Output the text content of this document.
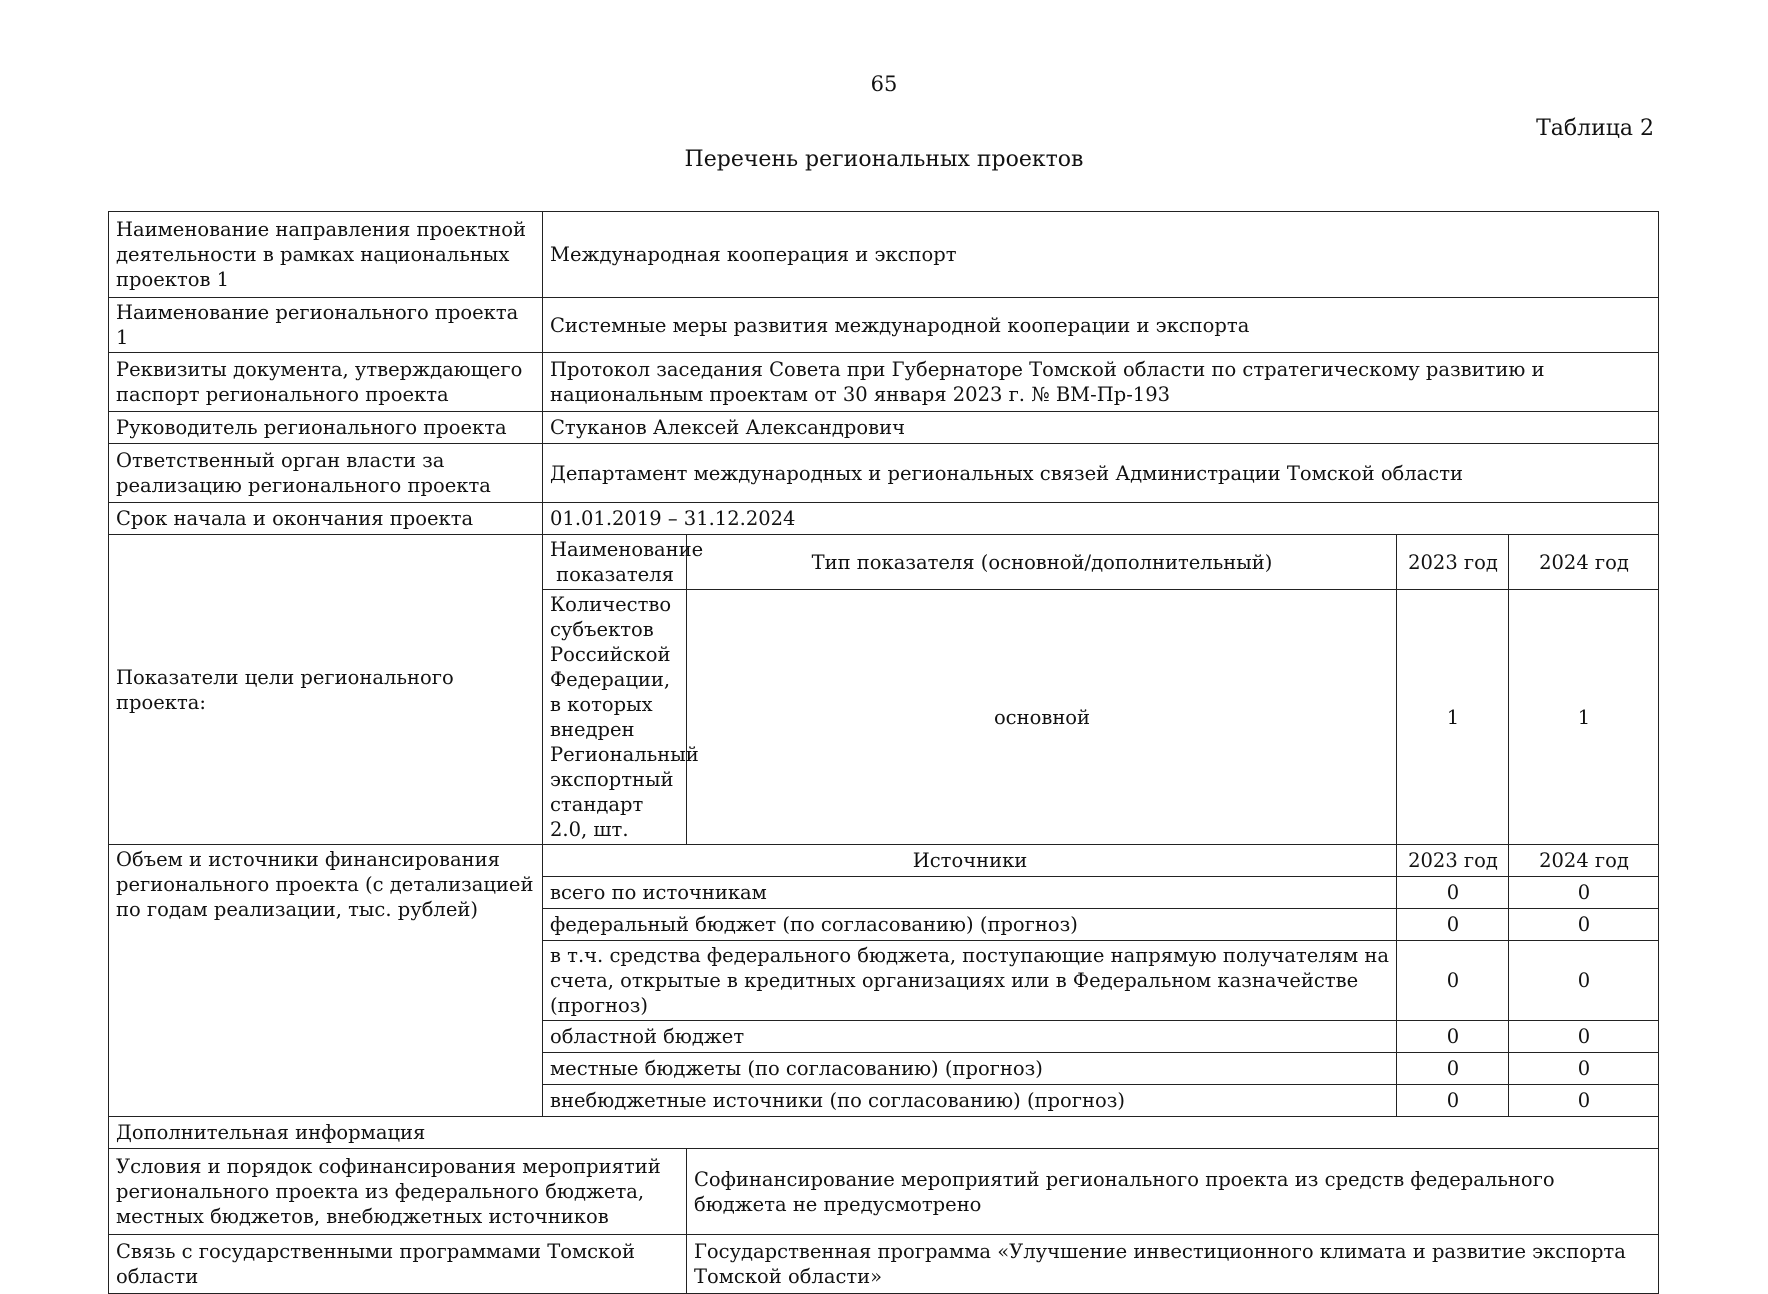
65
Таблица 2
Перечень региональных проектов
Наименование направления проектной деятельности в рамках национальных проектов 1	Международная кооперация и экспорт			
Наименование регионального проекта 1	Системные меры развития международной кооперации и экспорта			
Реквизиты документа, утверждающего паспорт регионального проекта	Протокол заседания Совета при Губернаторе Томской области по стратегическому развитию и национальным проектам от 30 января 2023 г. № ВМ-Пр-193			
Руководитель регионального проекта	Стуканов Алексей Александрович			
Ответственный орган власти за реализацию регионального проекта	Департамент международных и региональных связей Администрации Томской области			
Срок начала и окончания проекта	01.01.2019 – 31.12.2024			
Показатели цели регионального проекта:	Наименование показателя	Тип показателя (основной/дополнительный)	2023 год	2024 год
	Количество субъектов Российской Федерации, в которых внедрен Региональный экспортный стандарт 2.0, шт.	основной	1	1
Объем и источники финансирования регионального проекта (с детализацией по годам реализации, тыс. рублей)	Источники		2023 год	2024 год
	всего по источникам		0	0
	федеральный бюджет (по согласованию) (прогноз)		0	0
	в т.ч. средства федерального бюджета, поступающие напрямую получателям на счета, открытые в кредитных организациях или в Федеральном казначействе (прогноз)		0	0
	областной бюджет		0	0
	местные бюджеты (по согласованию) (прогноз)		0	0
	внебюджетные источники (по согласованию) (прогноз)		0	0
Дополнительная информация				
Условия и порядок софинансирования мероприятий регионального проекта из федерального бюджета, местных бюджетов, внебюджетных источников		Софинансирование мероприятий регионального проекта из средств федерального бюджета не предусмотрено		
Связь с государственными программами Томской области		Государственная программа «Улучшение инвестиционного климата и развитие экспорта Томской области»		
